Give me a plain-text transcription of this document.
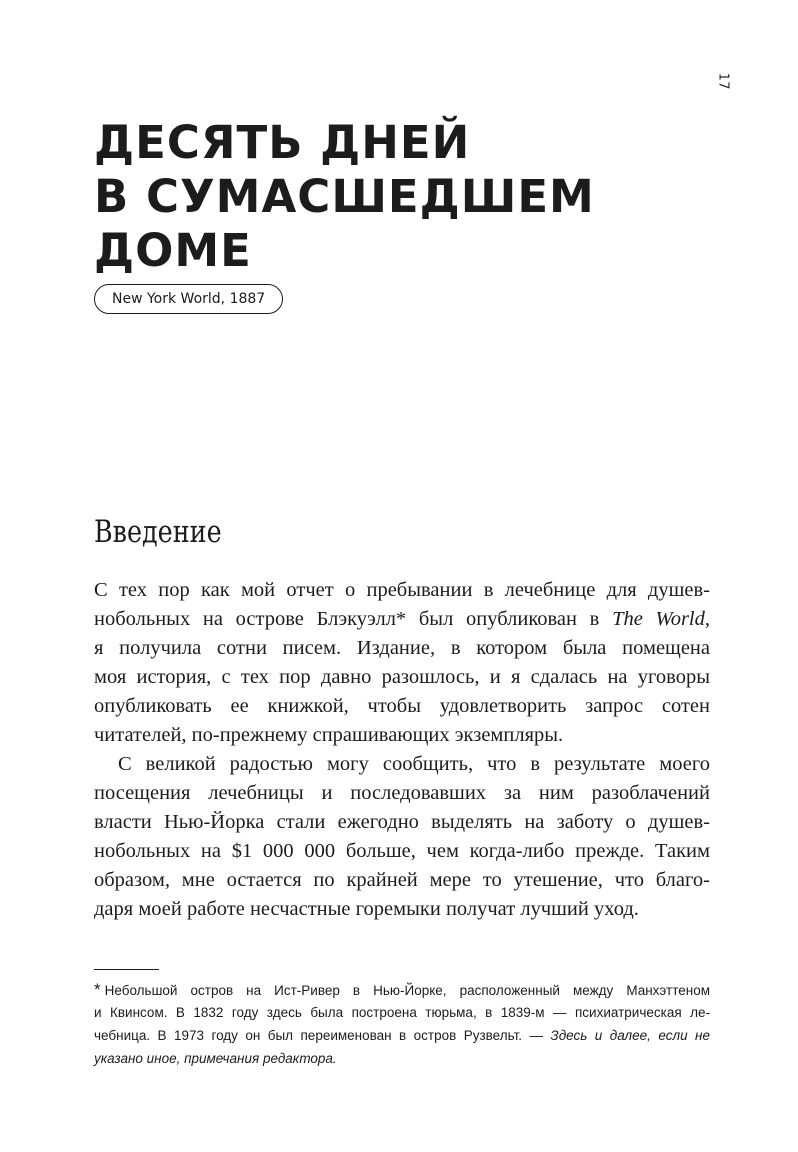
17
ДЕСЯТЬ ДНЕЙ
В СУМАСШЕДШЕМ
ДОМЕ
New York World, 1887
Введение
С тех пор как мой отчет о пребывании в лечебнице для душев-
нобольных на острове Блэкуэлл* был опубликован в The World,
я получила сотни писем. Издание, в котором была помещена
моя история, с тех пор давно разошлось, и я сдалась на уговоры
опубликовать ее книжкой, чтобы удовлетворить запрос сотен
читателей, по-прежнему спрашивающих экземпляры.
С великой радостью могу сообщить, что в результате моего
посещения лечебницы и последовавших за ним разоблачений
власти Нью-Йорка стали ежегодно выделять на заботу о душев-
нобольных на $1 000 000 больше, чем когда-либо прежде. Таким
образом, мне остается по крайней мере то утешение, что благо-
даря моей работе несчастные горемыки получат лучший уход.
* Небольшой остров на Ист-Ривер в Нью-Йорке, расположенный между Манхэттеном
и Квинсом. В 1832 году здесь была построена тюрьма, в 1839-м — психиатрическая ле-
чебница. В 1973 году он был переименован в остров Рузвельт. — Здесь и далее, если не
указано иное, примечания редактора.
